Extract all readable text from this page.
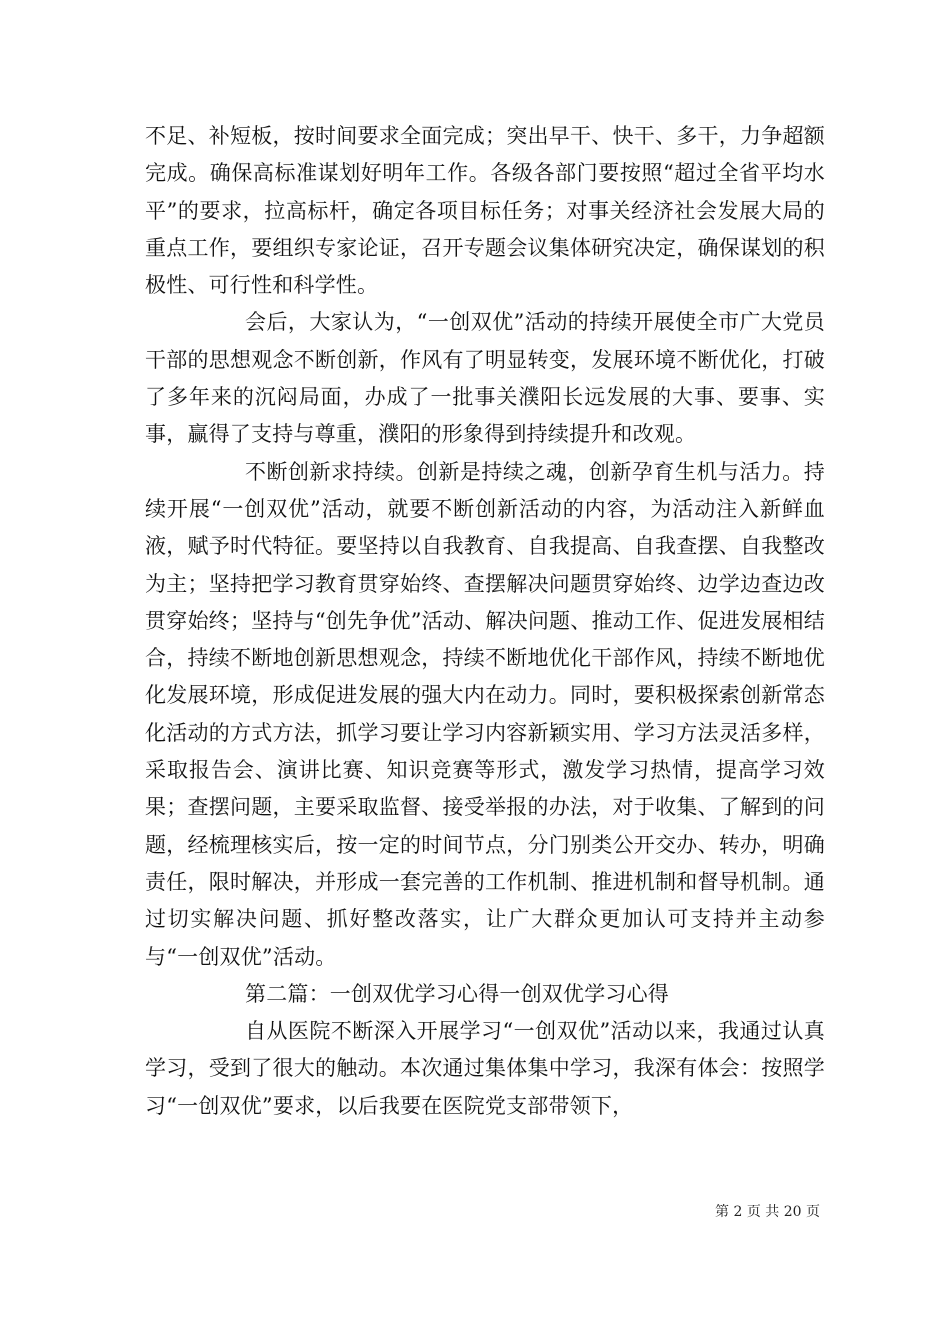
不足、补短板，按时间要求全面完成；突出早干、快干、多干，力争超额完成。确保高标准谋划好明年工作。各级各部门要按照“超过全省平均水平”的要求，拉高标杆，确定各项目标任务；对事关经济社会发展大局的重点工作，要组织专家论证，召开专题会议集体研究决定，确保谋划的积极性、可行性和科学性。

会后，大家认为，“一创双优”活动的持续开展使全市广大党员干部的思想观念不断创新，作风有了明显转变，发展环境不断优化，打破了多年来的沉闷局面，办成了一批事关濮阳长远发展的大事、要事、实事，赢得了支持与尊重，濮阳的形象得到持续提升和改观。

不断创新求持续。创新是持续之魂，创新孕育生机与活力。持续开展“一创双优”活动，就要不断创新活动的内容，为活动注入新鲜血液，赋予时代特征。要坚持以自我教育、自我提高、自我查摆、自我整改为主；坚持把学习教育贯穿始终、查摆解决问题贯穿始终、边学边查边改贯穿始终；坚持与“创先争优”活动、解决问题、推动工作、促进发展相结合，持续不断地创新思想观念，持续不断地优化干部作风，持续不断地优化发展环境，形成促进发展的强大内在动力。同时，要积极探索创新常态化活动的方式方法，抓学习要让学习内容新颖实用、学习方法灵活多样，采取报告会、演讲比赛、知识竞赛等形式，激发学习热情，提高学习效果；查摆问题，主要采取监督、接受举报的办法，对于收集、了解到的问题，经梳理核实后，按一定的时间节点，分门别类公开交办、转办，明确责任，限时解决，并形成一套完善的工作机制、推进机制和督导机制。通过切实解决问题、抓好整改落实，让广大群众更加认可支持并主动参与“一创双优”活动。

第二篇：一创双优学习心得一创双优学习心得

自从医院不断深入开展学习“一创双优”活动以来，我通过认真学习，受到了很大的触动。本次通过集体集中学习，我深有体会：按照学习“一创双优”要求，以后我要在医院党支部带领下，

第 2 页 共 20 页
